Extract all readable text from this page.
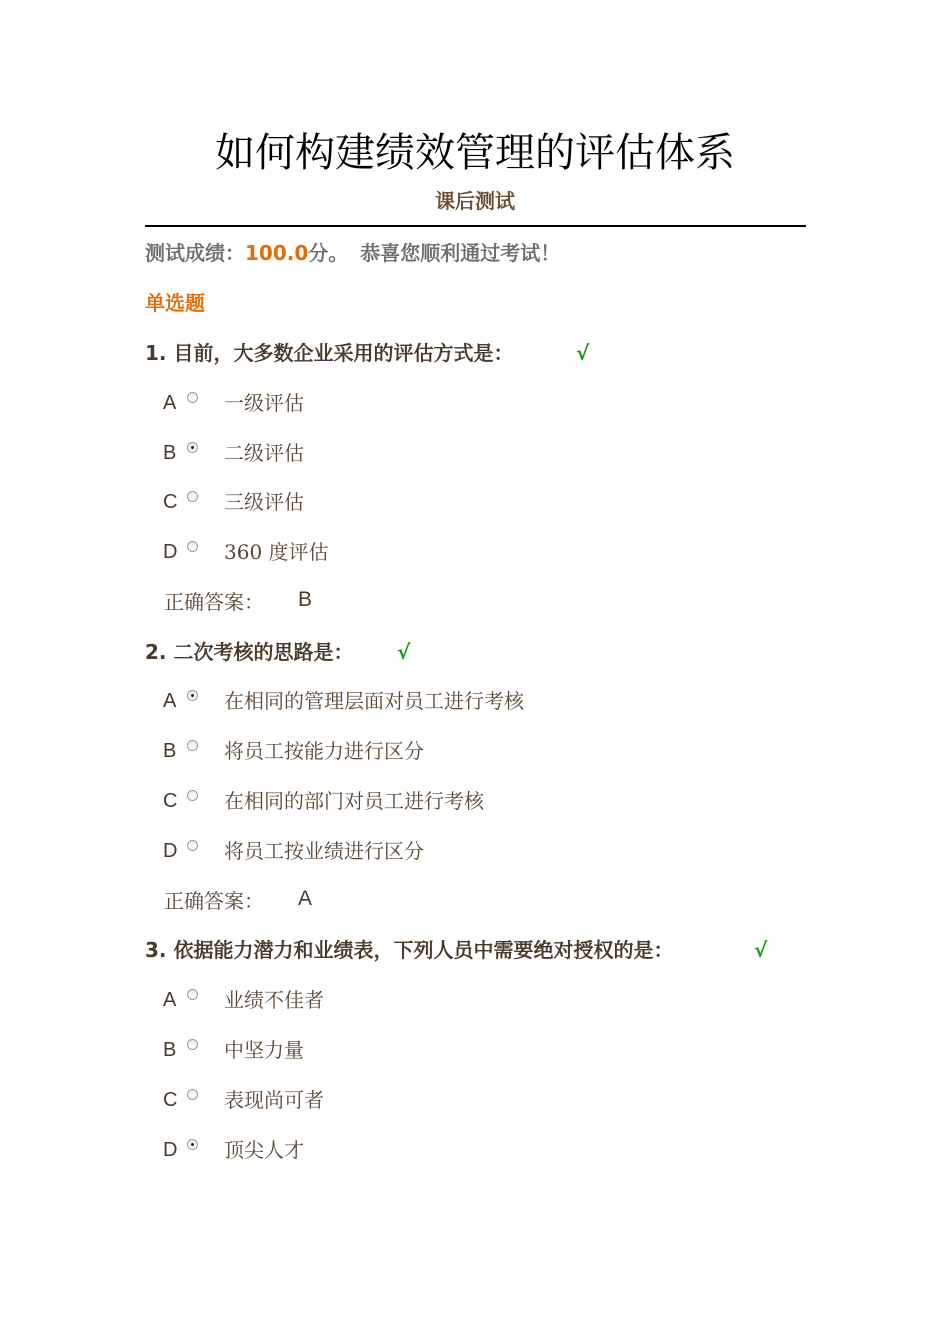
如何构建绩效管理的评估体系
课后测试
测试成绩：100.0分。 恭喜您顺利通过考试！
单选题
1. 目前，大多数企业采用的评估方式是：	√
A 一级评估
B 二级评估
C 三级评估
D 360 度评估
正确答案： B
2. 二次考核的思路是： √
A 在相同的管理层面对员工进行考核
B 将员工按能力进行区分
C 在相同的部门对员工进行考核
D 将员工按业绩进行区分
正确答案： A
3. 依据能力潜力和业绩表，下列人员中需要绝对授权的是：	√
A 业绩不佳者
B 中坚力量
C 表现尚可者
D 顶尖人才
